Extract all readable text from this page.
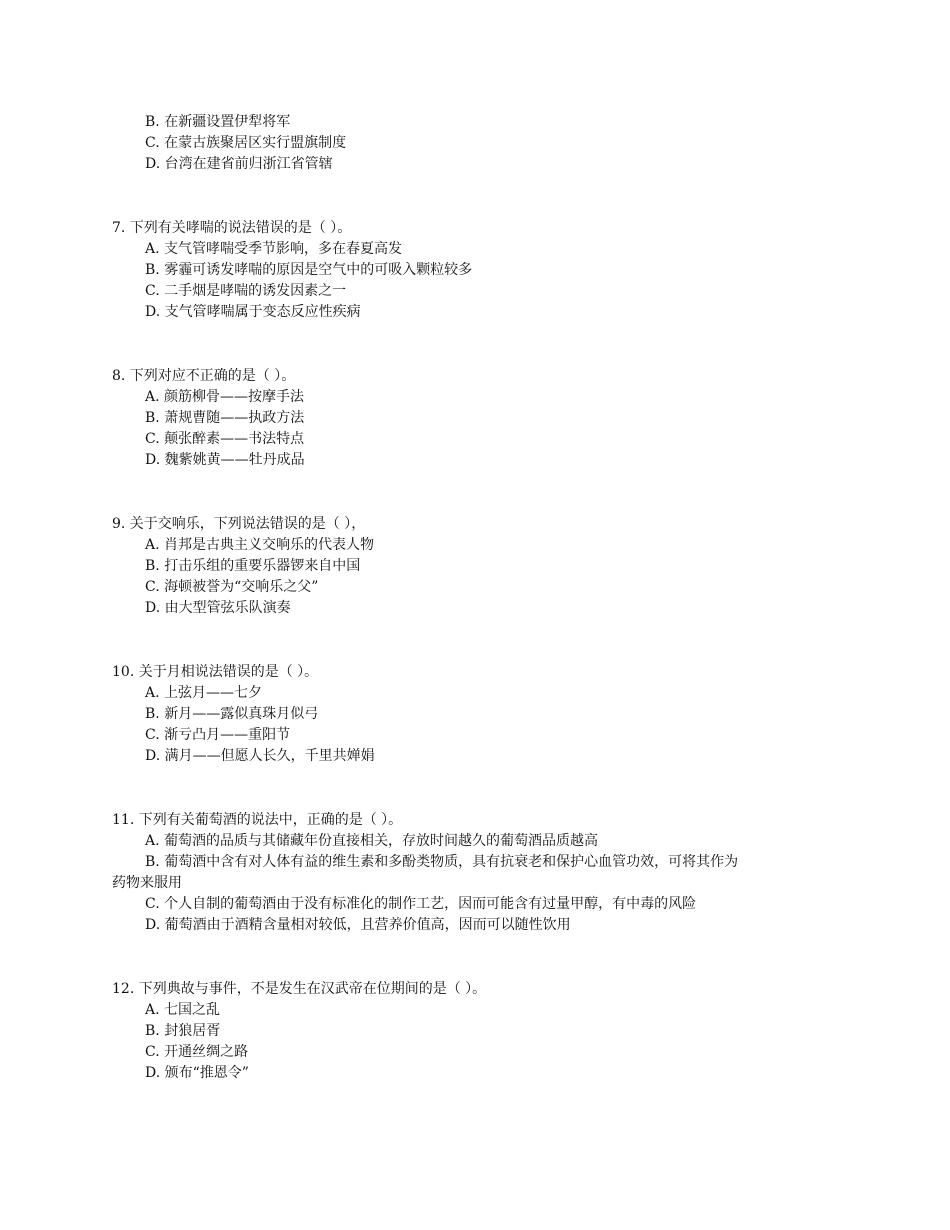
B. 在新疆设置伊犁将军
C. 在蒙古族聚居区实行盟旗制度
D. 台湾在建省前归浙江省管辖
7. 下列有关哮喘的说法错误的是（ ）。
A. 支气管哮喘受季节影响，多在春夏高发
B. 雾霾可诱发哮喘的原因是空气中的可吸入颗粒较多
C. 二手烟是哮喘的诱发因素之一
D. 支气管哮喘属于变态反应性疾病
8. 下列对应不正确的是（ ）。
A. 颜筋柳骨——按摩手法
B. 萧规曹随——执政方法
C. 颠张醉素——书法特点
D. 魏紫姚黄——牡丹成品
9. 关于交响乐，下列说法错误的是（ ），
A. 肖邦是古典主义交响乐的代表人物
B. 打击乐组的重要乐器锣来自中国
C. 海顿被誉为“交响乐之父”
D. 由大型管弦乐队演奏
10. 关于月相说法错误的是（ ）。
A. 上弦月——七夕
B. 新月——露似真珠月似弓
C. 渐亏凸月——重阳节
D. 满月——但愿人长久，千里共婵娟
11. 下列有关葡萄酒的说法中，正确的是（ ）。
A. 葡萄酒的品质与其储藏年份直接相关，存放时间越久的葡萄酒品质越高
B. 葡萄酒中含有对人体有益的维生素和多酚类物质，具有抗衰老和保护心血管功效，可将其作为
药物来服用
C. 个人自制的葡萄酒由于没有标准化的制作工艺，因而可能含有过量甲醇，有中毒的风险
D. 葡萄酒由于酒精含量相对较低，且营养价值高，因而可以随性饮用
12. 下列典故与事件，不是发生在汉武帝在位期间的是（ ）。
A. 七国之乱
B. 封狼居胥
C. 开通丝绸之路
D. 颁布“推恩令”
